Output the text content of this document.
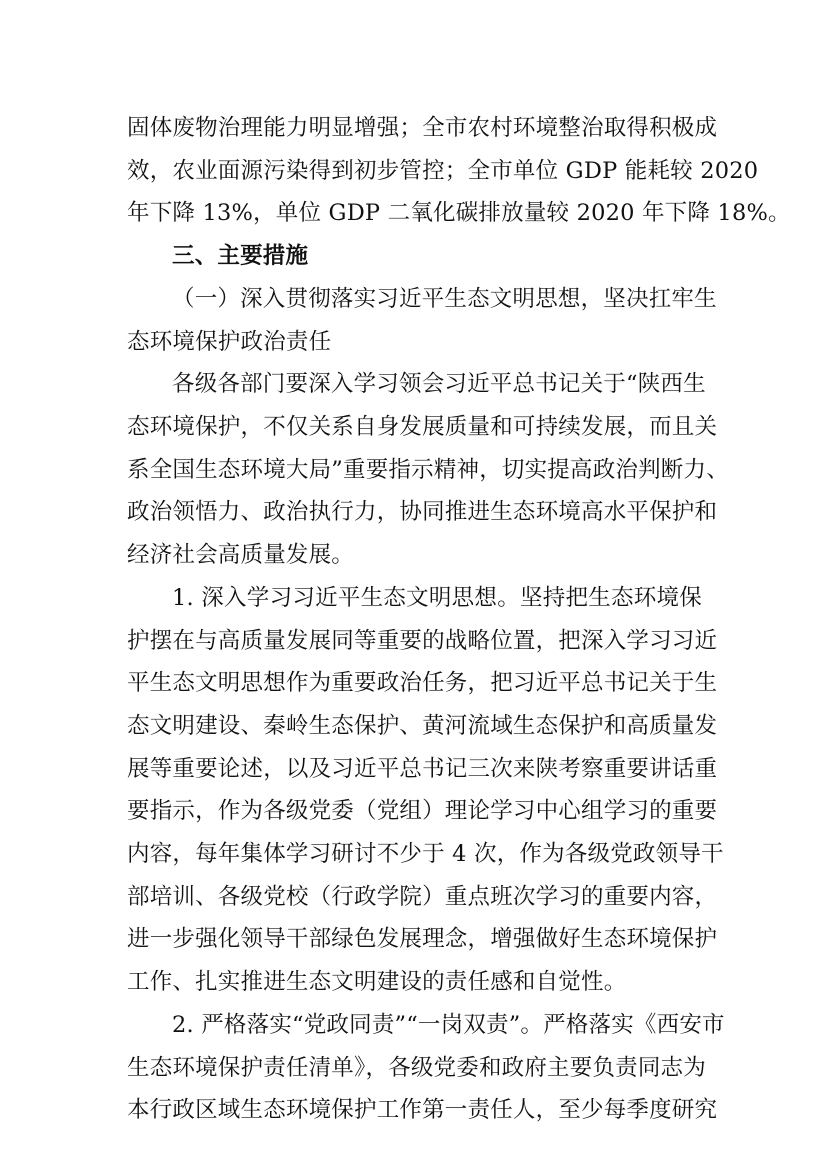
固体废物治理能力明显增强；全市农村环境整治取得积极成
效，农业面源污染得到初步管控；全市单位 GDP 能耗较 2020
年下降 13%，单位 GDP 二氧化碳排放量较 2020 年下降 18%。
三、主要措施
（一）深入贯彻落实习近平生态文明思想，坚决扛牢生
态环境保护政治责任
各级各部门要深入学习领会习近平总书记关于“陕西生
态环境保护，不仅关系自身发展质量和可持续发展，而且关
系全国生态环境大局”重要指示精神，切实提高政治判断力、
政治领悟力、政治执行力，协同推进生态环境高水平保护和
经济社会高质量发展。
1. 深入学习习近平生态文明思想。坚持把生态环境保
护摆在与高质量发展同等重要的战略位置，把深入学习习近
平生态文明思想作为重要政治任务，把习近平总书记关于生
态文明建设、秦岭生态保护、黄河流域生态保护和高质量发
展等重要论述，以及习近平总书记三次来陕考察重要讲话重
要指示，作为各级党委（党组）理论学习中心组学习的重要
内容，每年集体学习研讨不少于 4 次，作为各级党政领导干
部培训、各级党校（行政学院）重点班次学习的重要内容，
进一步强化领导干部绿色发展理念，增强做好生态环境保护
工作、扎实推进生态文明建设的责任感和自觉性。
2. 严格落实“党政同责”“一岗双责”。严格落实《西安市
生态环境保护责任清单》，各级党委和政府主要负责同志为
本行政区域生态环境保护工作第一责任人，至少每季度研究
